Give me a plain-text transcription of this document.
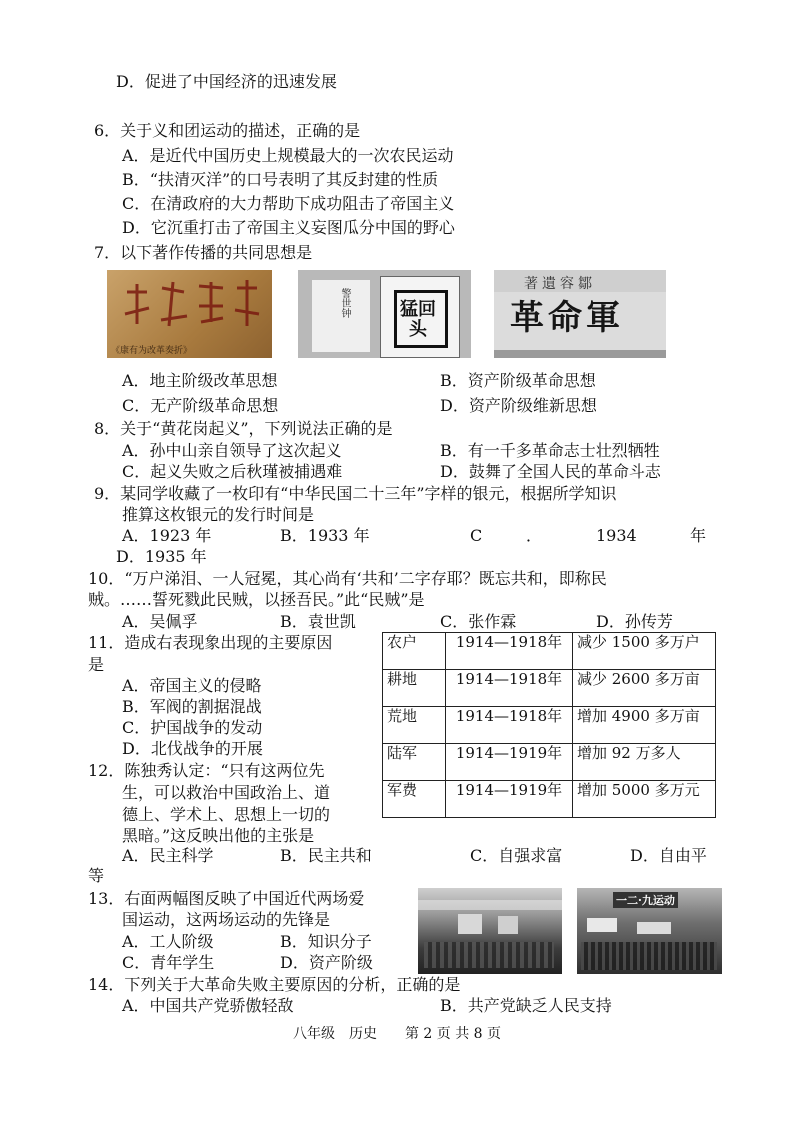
D．促进了中国经济的迅速发展
6．关于义和团运动的描述，正确的是
A．是近代中国历史上规模最大的一次农民运动
B．“扶清灭洋”的口号表明了其反封建的性质
C．在清政府的大力帮助下成功阻击了帝国主义
D．它沉重打击了帝国主义妄图瓜分中国的野心
7．以下著作传播的共同思想是
《康有为改革奏折》
警世钟	猛回头
著遺容鄒
革命軍
A．地主阶级改革思想	B．资产阶级革命思想
C．无产阶级革命思想	D．资产阶级维新思想
8．关于“黄花岗起义”，下列说法正确的是
A．孙中山亲自领导了这次起义	B．有一千多革命志士壮烈牺牲
C．起义失败之后秋瑾被捕遇难	D．鼓舞了全国人民的革命斗志
9．某同学收藏了一枚印有“中华民国二十三年”字样的银元，根据所学知识
推算这枚银元的发行时间是
A．1923 年	B．1933 年	C	．	1934	年
D．1935 年
10．“万户涕泪、一人冠冕，其心尚有‘共和’二字存耶？既忘共和，即称民
贼。……誓死戮此民贼，以拯吾民。”此“民贼”是
A．吴佩孚	B．袁世凯	C．张作霖	D．孙传芳
11．造成右表现象出现的主要原因
是
A．帝国主义的侵略
B．军阀的割据混战
C．护国战争的发动
D．北伐战争的开展
农户	1914—1918年	减少 1500 多万户
耕地	1914—1918年	减少 2600 多万亩
荒地	1914—1918年	增加 4900 多万亩
陆军	1914—1919年	增加 92 万多人
军费	1914—1919年	增加 5000 多万元
12．陈独秀认定：“只有这两位先
生，可以救治中国政治上、道
德上、学术上、思想上一切的
黑暗。”这反映出他的主张是
A．民主科学	B．民主共和	C．自强求富	D．自由平
等
13．右面两幅图反映了中国近代两场爱
国运动，这两场运动的先锋是
A．工人阶级	B．知识分子
C．青年学生	D．资产阶级
一二·九运动
14．下列关于大革命失败主要原因的分析，正确的是
A．中国共产党骄傲轻敌	B．共产党缺乏人民支持
八年级　历史　　第 2 页 共 8 页
